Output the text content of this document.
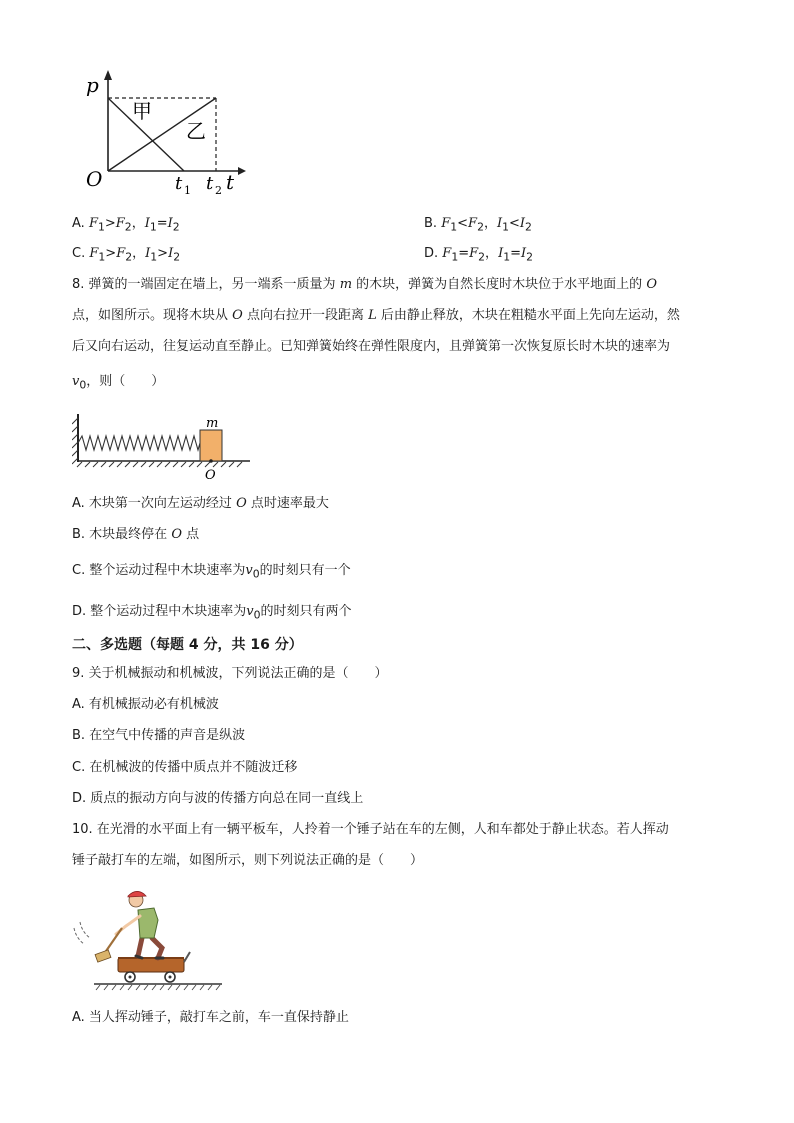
p
t
O	t 1 t 2
甲
乙
A. $F_1>F_2$，$I_1=I_2$	B. $F_1<F_2$，$I_1<I_2$
C. $F_1>F_2$，$I_1>I_2$	D. $F_1=F_2$，$I_1=I_2$
8. 弹簧的一端固定在墙上，另一端系一质量为 m 的木块，弹簧为自然长度时木块位于水平地面上的 O
点，如图所示。现将木块从 O 点向右拉开一段距离 L 后由静止释放，木块在粗糙水平面上先向左运动，然
后又向右运动，往复运动直至静止。已知弹簧始终在弹性限度内，且弹簧第一次恢复原长时木块的速率为
$v_0$，则（　　）
m
O
A. 木块第一次向左运动经过 O 点时速率最大
B. 木块最终停在 O 点
C. 整个运动过程中木块速率为$v_0$的时刻只有一个
D. 整个运动过程中木块速率为$v_0$的时刻只有两个
二、多选题（每题 4 分，共 16 分）
9. 关于机械振动和机械波，下列说法正确的是（　　）
A. 有机械振动必有机械波
B. 在空气中传播的声音是纵波
C. 在机械波的传播中质点并不随波迁移
D. 质点的振动方向与波的传播方向总在同一直线上
10. 在光滑的水平面上有一辆平板车，人拎着一个锤子站在车的左侧，人和车都处于静止状态。若人挥动
锤子敲打车的左端，如图所示，则下列说法正确的是（　　）
A. 当人挥动锤子，敲打车之前，车一直保持静止
